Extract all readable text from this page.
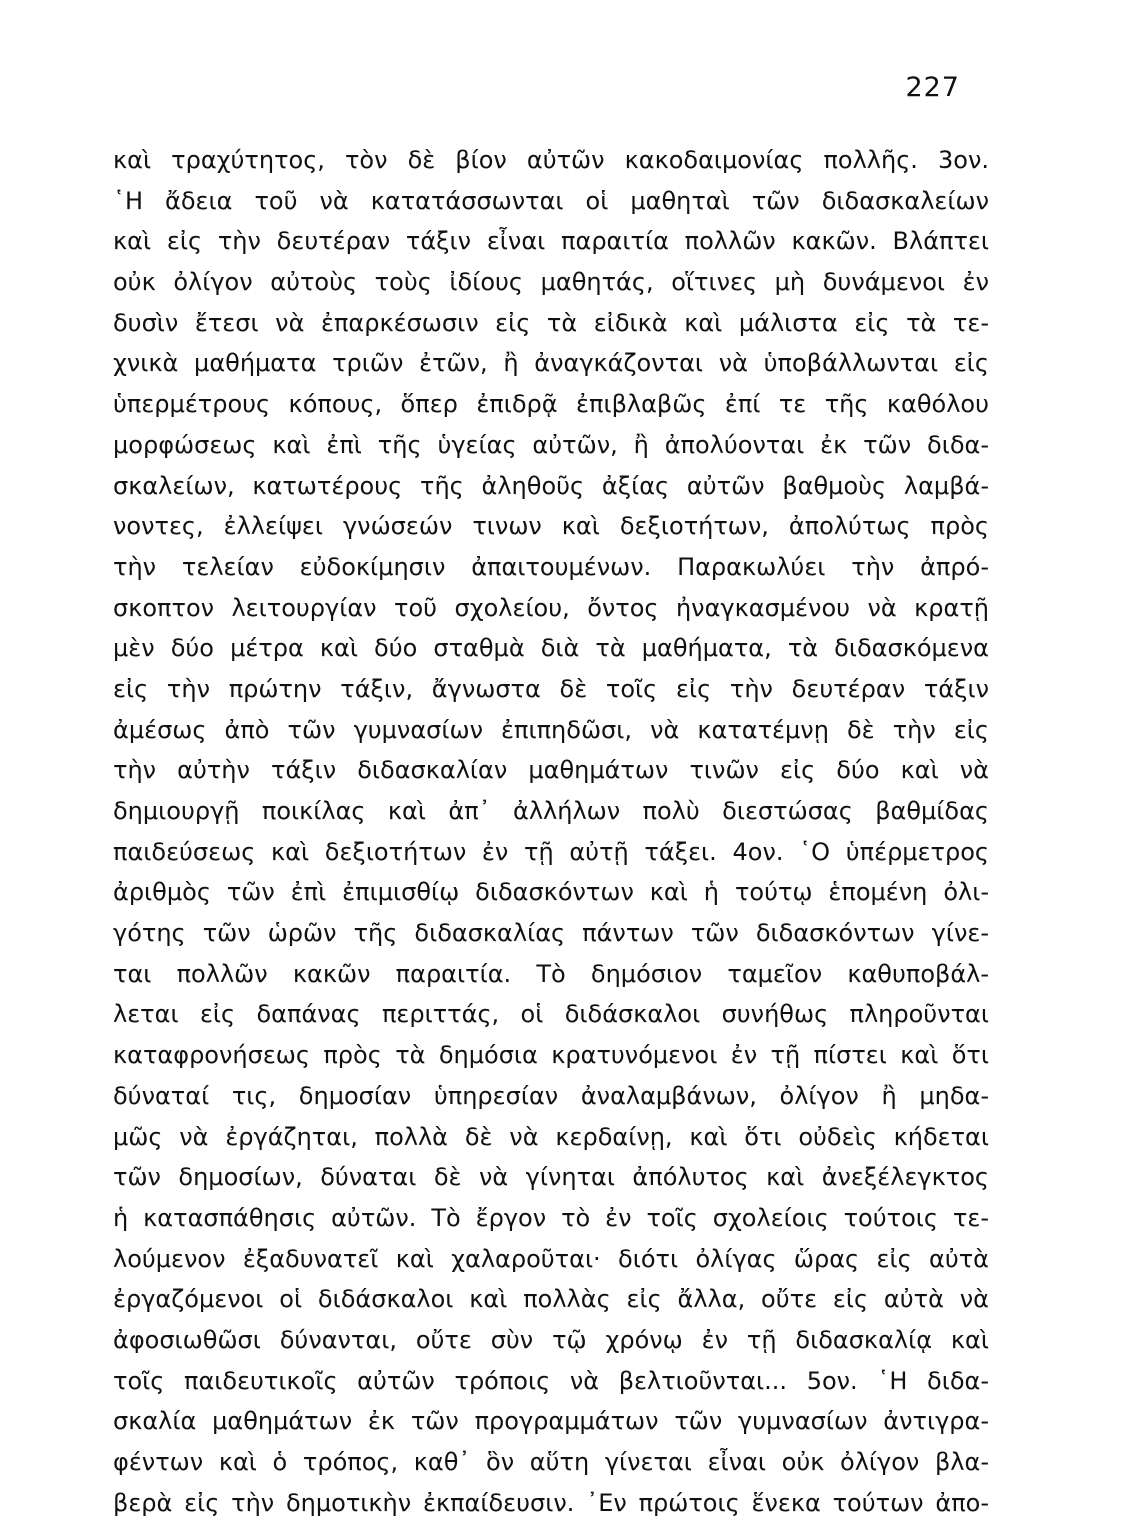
227
καὶ τραχύτητος, τὸν δὲ βίον αὐτῶν κακοδαιμονίας πολλῆς. 3ον.
῾Η ἄδεια τοῦ νὰ κατατάσσωνται οἱ μαθηταὶ τῶν διδασκαλείων
καὶ εἰς τὴν δευτέραν τάξιν εἶναι παραιτία πολλῶν κακῶν. Βλάπτει
οὐκ ὀλίγον αὐτοὺς τοὺς ἰδίους μαθητάς, οἵτινες μὴ δυνάμενοι ἐν
δυσὶν ἔτεσι νὰ ἐπαρκέσωσιν εἰς τὰ εἰδικὰ καὶ μάλιστα εἰς τὰ τε-
χνικὰ μαθήματα τριῶν ἐτῶν, ἢ ἀναγκάζονται νὰ ὑποβάλλωνται εἰς
ὑπερμέτρους κόπους, ὅπερ ἐπιδρᾷ ἐπιβλαβῶς ἐπί τε τῆς καθόλου
μορφώσεως καὶ ἐπὶ τῆς ὑγείας αὐτῶν, ἢ ἀπολύονται ἐκ τῶν διδα-
σκαλείων, κατωτέρους τῆς ἀληθοῦς ἀξίας αὐτῶν βαθμοὺς λαμβά-
νοντες, ἐλλείψει γνώσεών τινων καὶ δεξιοτήτων, ἀπολύτως πρὸς
τὴν τελείαν εὐδοκίμησιν ἀπαιτουμένων. Παρακωλύει τὴν ἀπρό-
σκοπτον λειτουργίαν τοῦ σχολείου, ὄντος ἠναγκασμένου νὰ κρατῇ
μὲν δύο μέτρα καὶ δύο σταθμὰ διὰ τὰ μαθήματα, τὰ διδασκόμενα
εἰς τὴν πρώτην τάξιν, ἄγνωστα δὲ τοῖς εἰς τὴν δευτέραν τάξιν
ἀμέσως ἀπὸ τῶν γυμνασίων ἐπιπηδῶσι, νὰ κατατέμνῃ δὲ τὴν εἰς
τὴν αὐτὴν τάξιν διδασκαλίαν μαθημάτων τινῶν εἰς δύο καὶ νὰ
δημιουργῇ ποικίλας καὶ ἀπ᾽ ἀλλήλων πολὺ διεστώσας βαθμίδας
παιδεύσεως καὶ δεξιοτήτων ἐν τῇ αὐτῇ τάξει. 4ον. ῾Ο ὑπέρμετρος
ἀριθμὸς τῶν ἐπὶ ἐπιμισθίῳ διδασκόντων καὶ ἡ τούτῳ ἑπομένη ὀλι-
γότης τῶν ὡρῶν τῆς διδασκαλίας πάντων τῶν διδασκόντων γίνε-
ται πολλῶν κακῶν παραιτία. Τὸ δημόσιον ταμεῖον καθυποβάλ-
λεται εἰς δαπάνας περιττάς, οἱ διδάσκαλοι συνήθως πληροῦνται
καταφρονήσεως πρὸς τὰ δημόσια κρατυνόμενοι ἐν τῇ πίστει καὶ ὅτι
δύναταί τις, δημοσίαν ὑπηρεσίαν ἀναλαμβάνων, ὀλίγον ἢ μηδα-
μῶς νὰ ἐργάζηται, πολλὰ δὲ νὰ κερδαίνῃ, καὶ ὅτι οὐδεὶς κήδεται
τῶν δημοσίων, δύναται δὲ νὰ γίνηται ἀπόλυτος καὶ ἀνεξέλεγκτος
ἡ κατασπάθησις αὐτῶν. Τὸ ἔργον τὸ ἐν τοῖς σχολείοις τούτοις τε-
λούμενον ἐξαδυνατεῖ καὶ χαλαροῦται· διότι ὀλίγας ὥρας εἰς αὐτὰ
ἐργαζόμενοι οἱ διδάσκαλοι καὶ πολλὰς εἰς ἄλλα, οὔτε εἰς αὐτὰ νὰ
ἀφοσιωθῶσι δύνανται, οὔτε σὺν τῷ χρόνῳ ἐν τῇ διδασκαλίᾳ καὶ
τοῖς παιδευτικοῖς αὐτῶν τρόποις νὰ βελτιοῦνται... 5ον. ῾Η διδα-
σκαλία μαθημάτων ἐκ τῶν προγραμμάτων τῶν γυμνασίων ἀντιγρα-
φέντων καὶ ὁ τρόπος, καθ᾽ ὃν αὕτη γίνεται εἶναι οὐκ ὀλίγον βλα-
βερὰ εἰς τὴν δημοτικὴν ἐκπαίδευσιν. ᾽Εν πρώτοις ἕνεκα τούτων ἀπο-
